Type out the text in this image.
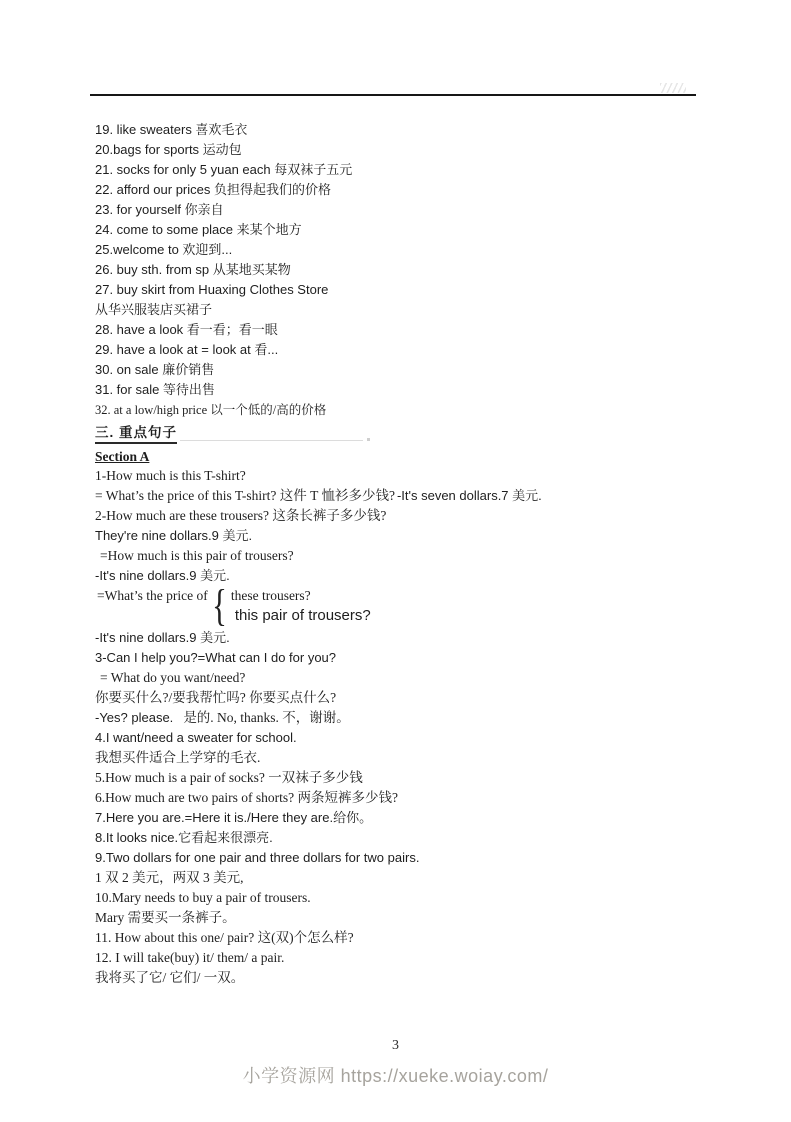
19. like sweaters 喜欢毛衣
20.bags for sports 运动包
21. socks for only 5 yuan each 每双袜子五元
22. afford our prices 负担得起我们的价格
23. for yourself 你亲自
24. come to some place 来某个地方
25.welcome to 欢迎到...
26. buy sth. from sp 从某地买某物
27. buy skirt from Huaxing Clothes Store
从华兴服装店买裙子
28. have a look 看一看；看一眼
29. have a look at = look at 看...
30. on sale 廉价销售
31. for sale 等待出售
32. at a low/high price 以一个低的/高的价格
三. 重点句子
Section A
1-How much is this T-shirt?
= What’s the price of this T-shirt? 这件 T 恤衫多少钱? -It's seven dollars.7 美元.
2-How much are these trousers? 这条长裤子多少钱?
They're nine dollars.9 美元.
=How much is this pair of trousers?
-It's nine dollars.9 美元.
=What’s the price of { these trousers?
this pair of trousers?
-It's nine dollars.9 美元.
3-Can I help you?=What can I do for you?
= What do you want/need?
你要买什么?/要我帮忙吗? 你要买点什么?
-Yes? please. 是的. No, thanks. 不，谢谢。
4.I want/need a sweater for school.
我想买件适合上学穿的毛衣.
5.How much is a pair of socks? 一双袜子多少钱
6.How much are two pairs of shorts? 两条短裤多少钱?
7.Here you are.=Here it is./Here they are.给你。
8.It looks nice.它看起来很漂亮.
9.Two dollars for one pair and three dollars for two pairs.
1 双 2 美元，两双 3 美元,
10.Mary needs to buy a pair of trousers.
Mary 需要买一条裤子。
11. How about this one/ pair? 这(双)个怎么样?
12. I will take(buy) it/ them/ a pair.
我将买了它/ 它们/ 一双。
3
小学资源网 https://xueke.woiay.com/
